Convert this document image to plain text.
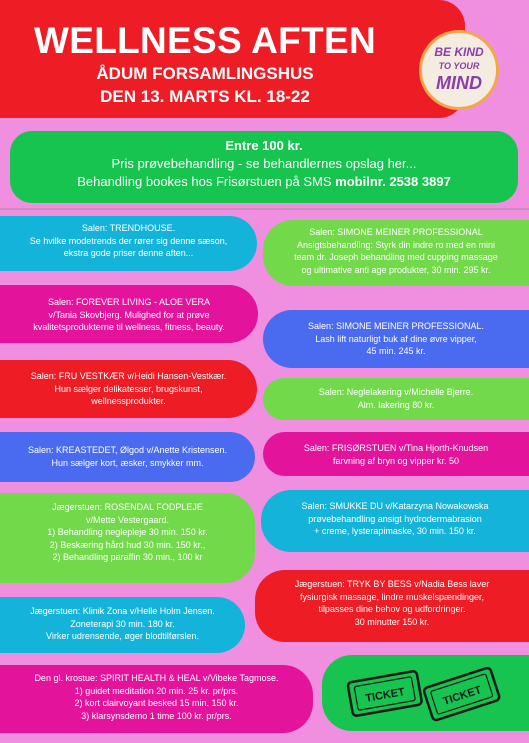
WELLNESS AFTEN
ÅDUM FORSAMLINGSHUS
DEN 13. MARTS KL. 18-22
BE KIND
TO YOUR
MIND
Entre 100 kr.
Pris prøvebehandling - se behandlernes opslag her...
Behandling bookes hos Frisørstuen på SMS mobilnr. 2538 3897
Salen: TRENDHOUSE.
Se hvilke modetrends der rører sig denne sæson,
ekstra gode priser denne aften...
Salen: FOREVER LIVING - ALOE VERA
v/Tania Skovbjerg. Mulighed for at prøve
kvalitetsprodukterne til wellness, fitness, beauty.
Salen: FRU VESTKÆR v/Heidi Hansen-Vestkær.
Hun sælger delikatesser, brugskunst,
wellnessprodukter.
Salen: KREASTEDET, Ølgod v/Anette Kristensen.
Hun sælger kort, æsker, smykker mm.
Jægerstuen: ROSENDAL FODPLEJE
v/Mette Vestergaard.
1) Behandling neglepleje 30 min. 150 kr.
2) Beskæring hård hud 30 min. 150 kr.,
2) Behandling paraffin 30 min., 100 kr
Jægerstuen: Klinik Zona v/Helle Holm Jensen.
Zoneterapi 30 min. 180 kr.
Virker udrensende, øger blodtilførslen.
Den gl. krostue: SPIRIT HEALTH & HEAL v/Vibeke Tagmose.
1) guidet meditation 20 min. 25 kr. pr/prs.
2) kort clairvoyant besked 15 min. 150 kr.
3) klarsynsdemo 1 time 100 kr. pr/prs.
Salen: SIMONE MEINER PROFESSIONAL
Ansigtsbehandling: Styrk din indre ro med en mini
team dr. Joseph behandling med cupping massage
og ultimative anti age produkter, 30 min. 295 kr.
Salen: SIMONE MEINER PROFESSIONAL.
Lash lift naturligt buk af dine øvre vipper,
45 min. 245 kr.
Salen: Neglelakering v/Michelle Bjerre.
Alm. lakering 80 kr.
Salen: FRISØRSTUEN v/Tina Hjorth-Knudsen
farvning af bryn og vipper kr. 50
Salen: SMUKKE DU v/Katarzyna Nowakowska
prøvebehandling ansigt hydrodermabrasion
+ creme, lysterapimaske, 30 min. 150 kr.
Jægerstuen: TRYK BY BESS v/Nadia Bess laver
fysiurgisk massage, lindre muskelspændinger,
tilpasses dine behov og udfordringer.
30 minutter 150 kr.
TICKET	TICKET
